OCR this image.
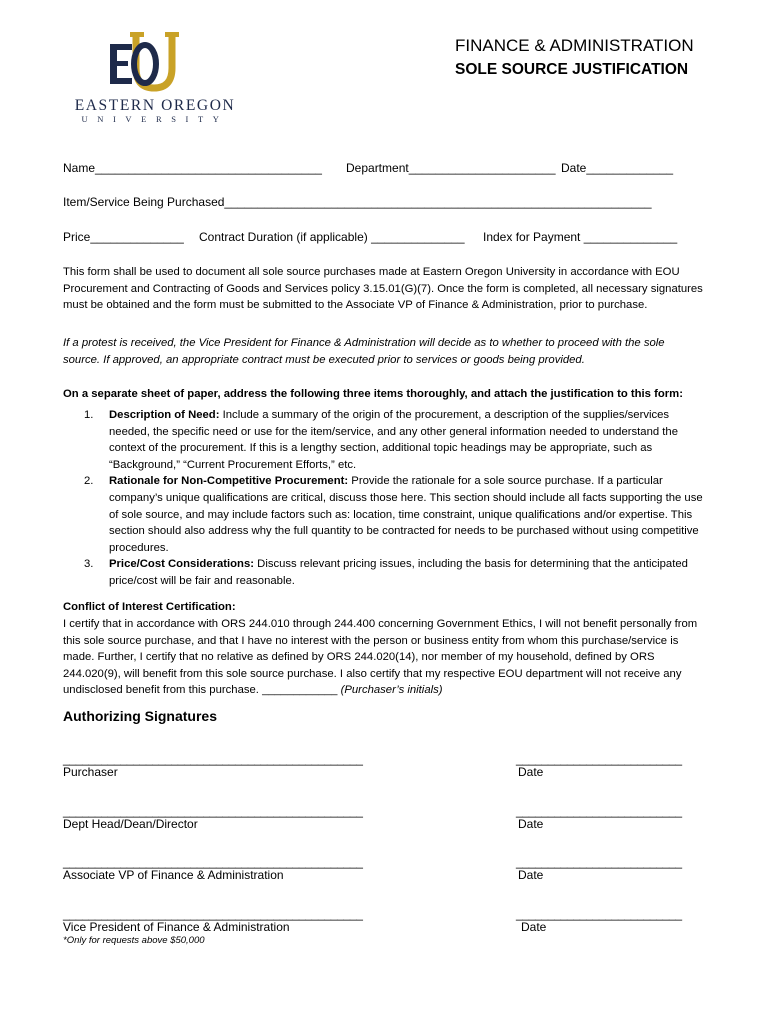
EASTERN OREGON
UNIVERSITY
FINANCE & ADMINISTRATION
SOLE SOURCE JUSTIFICATION
Name__________________________________ Department______________________ Date_____________
Item/Service Being Purchased________________________________________________________________
Price______________ Contract Duration (if applicable) ______________ Index for Payment ______________

This form shall be used to document all sole source purchases made at Eastern Oregon University in accordance with EOU Procurement and Contracting of Goods and Services policy 3.15.01(G)(7). Once the form is completed, all necessary signatures must be obtained and the form must be submitted to the Associate VP of Finance & Administration, prior to purchase.

If a protest is received, the Vice President for Finance & Administration will decide as to whether to proceed with the sole source. If approved, an appropriate contract must be executed prior to services or goods being provided.

On a separate sheet of paper, address the following three items thoroughly, and attach the justification to this form:

1. Description of Need: Include a summary of the origin of the procurement, a description of the supplies/services needed, the specific need or use for the item/service, and any other general information needed to understand the context of the procurement. If this is a lengthy section, additional topic headings may be appropriate, such as “Background,” “Current Procurement Efforts,” etc.
2. Rationale for Non-Competitive Procurement: Provide the rationale for a sole source purchase. If a particular company’s unique qualifications are critical, discuss those here. This section should include all facts supporting the use of sole source, and may include factors such as: location, time constraint, unique qualifications and/or expertise. This section should also address why the full quantity to be contracted for needs to be purchased without using competitive procedures.
3. Price/Cost Considerations: Discuss relevant pricing issues, including the basis for determining that the anticipated price/cost will be fair and reasonable.

Conflict of Interest Certification:

I certify that in accordance with ORS 244.010 through 244.400 concerning Government Ethics, I will not benefit personally from this sole source purchase, and that I have no interest with the person or business entity from whom this purchase/service is made. Further, I certify that no relative as defined by ORS 244.020(14), nor member of my household, defined by ORS 244.020(9), will benefit from this sole source purchase. I also certify that my respective EOU department will not receive any undisclosed benefit from this purchase. ____________ (Purchaser’s initials)

Authorizing Signatures
_______________________________________________	__________________________
Purchaser	Date
_______________________________________________	__________________________
Dept Head/Dean/Director	Date
_______________________________________________	__________________________
Associate VP of Finance & Administration	Date
_______________________________________________	__________________________
Vice President of Finance & Administration	Date
*Only for requests above $50,000
